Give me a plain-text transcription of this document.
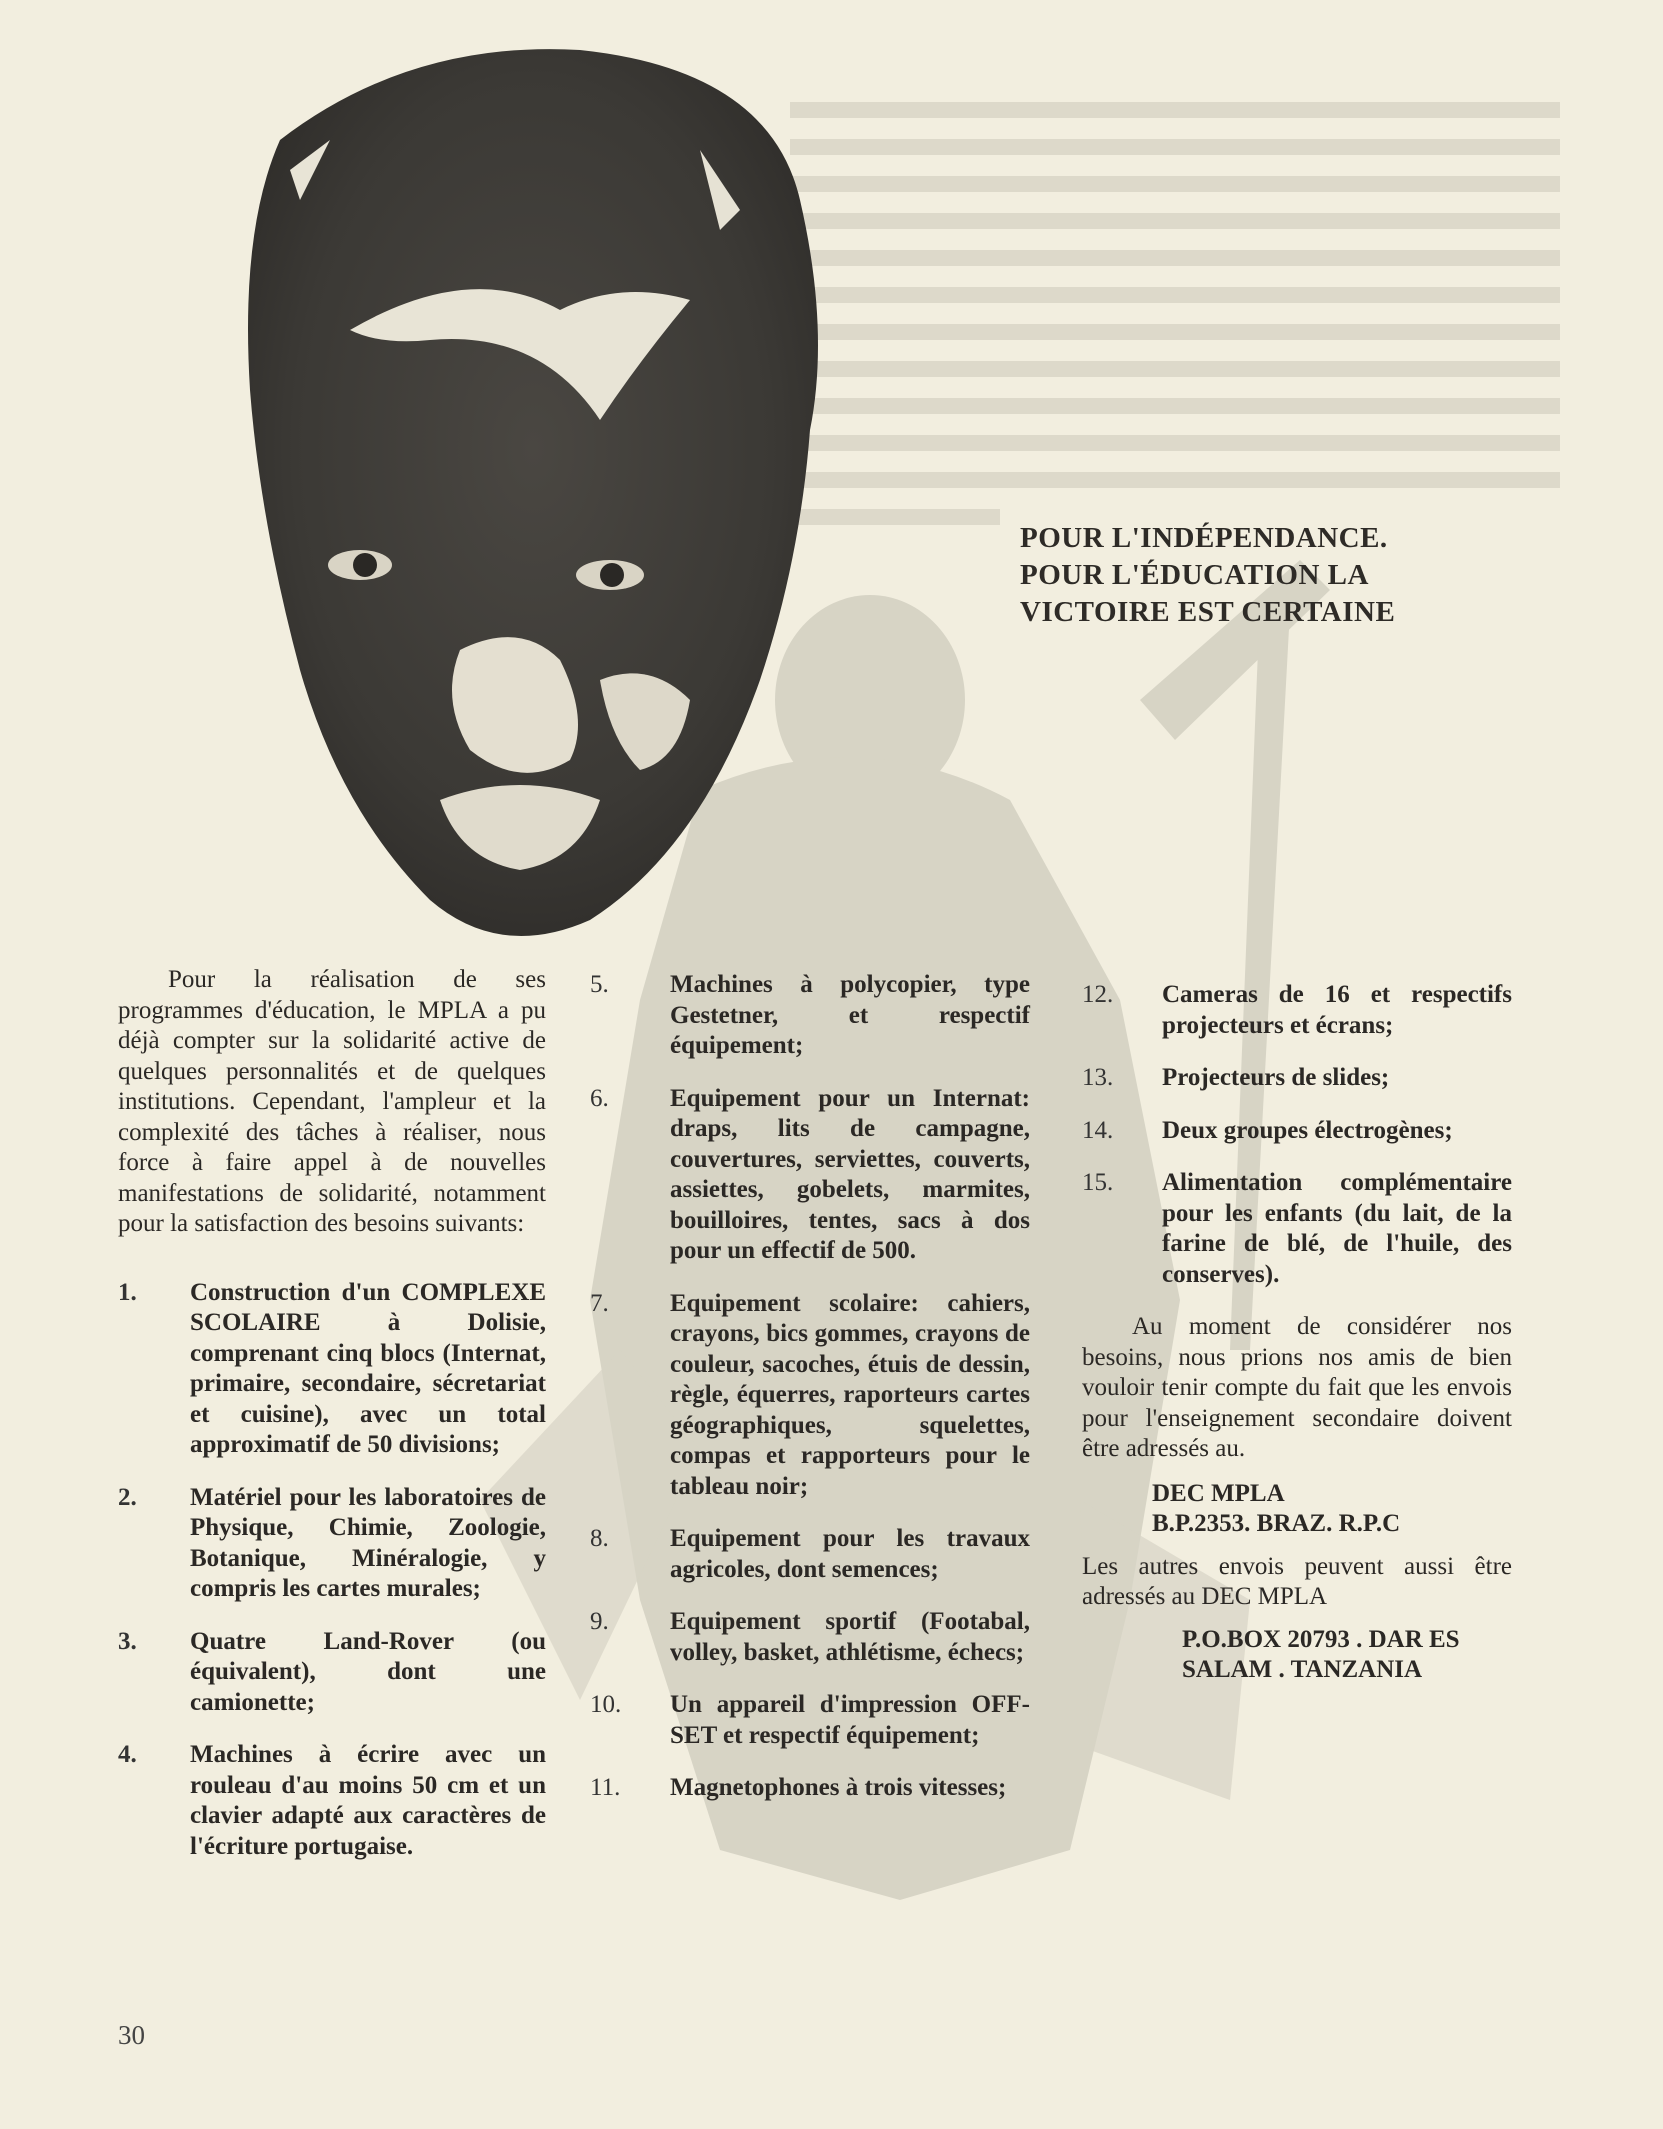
POUR L'INDÉPENDANCE.
POUR L'ÉDUCATION LA
VICTOIRE EST CERTAINE

Pour la réalisation de ses programmes d'éducation, le MPLA a pu déjà compter sur la solidarité active de quelques personnalités et de quelques institutions. Cependant, l'ampleur et la complexité des tâches à réaliser, nous force à faire appel à de nouvelles manifestations de solidarité, notamment pour la satisfaction des besoins suivants:

1.	Construction d'un COMPLEXE SCOLAIRE à Dolisie, comprenant cinq blocs (Internat, primaire, secondaire, sécretariat et cuisine), avec un total approximatif de 50 divisions;
2.	Matériel pour les laboratoires de Physique, Chimie, Zoologie, Botanique, Minéralogie, y compris les cartes murales;
3.	Quatre Land-Rover (ou équivalent), dont une camionette;
4.	Machines à écrire avec un rouleau d'au moins 50 cm et un clavier adapté aux caractères de l'écriture portugaise.
5.	Machines à polycopier, type Gestetner, et respectif équipement;
6.	Equipement pour un Internat: draps, lits de campagne, couvertures, serviettes, couverts, assiettes, gobelets, marmites, bouilloires, tentes, sacs à dos pour un effectif de 500.
7.	Equipement scolaire: cahiers, crayons, bics gommes, crayons de couleur, sacoches, étuis de dessin, règle, équerres, raporteurs cartes géographiques, squelettes, compas et rapporteurs pour le tableau noir;
8.	Equipement pour les travaux agricoles, dont semences;
9.	Equipement sportif (Footabal, volley, basket, athlétisme, échecs;
10.	Un appareil d'impression OFF-SET et respectif équipement;
11.	Magnetophones à trois vitesses;
12.	Cameras de 16 et respectifs projecteurs et écrans;
13.	Projecteurs de slides;
14.	Deux groupes électrogènes;
15.	Alimentation complémentaire pour les enfants (du lait, de la farine de blé, de l'huile, des conserves).

Au moment de considérer nos besoins, nous prions nos amis de bien vouloir tenir compte du fait que les envois pour l'enseignement secondaire doivent être adressés au.

DEC MPLA
B.P.2353. BRAZ. R.P.C

Les autres envois peuvent aussi être adressés au DEC MPLA

P.O.BOX 20793 . DAR ES SALAM . TANZANIA
30
